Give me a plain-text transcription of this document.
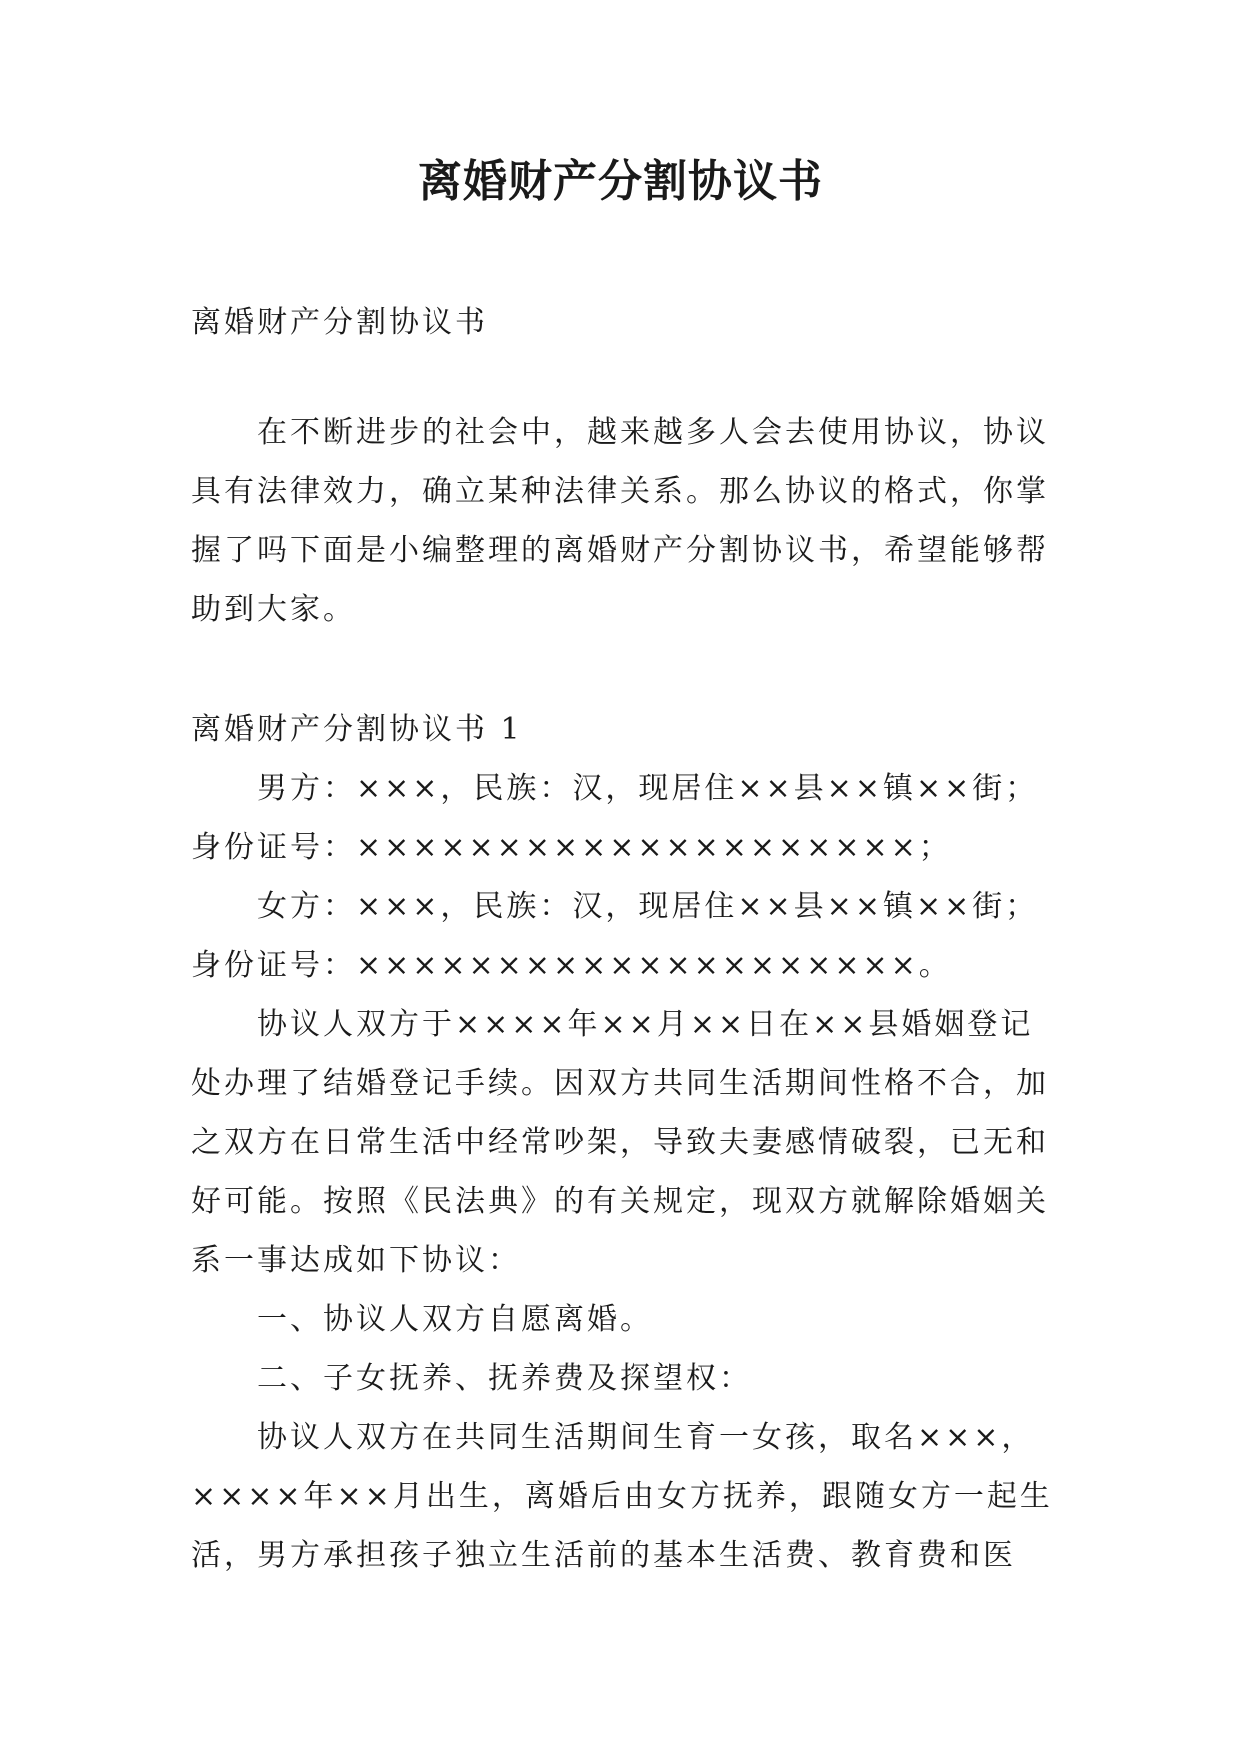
离婚财产分割协议书

离婚财产分割协议书

在不断进步的社会中，越来越多人会去使用协议，协议具有法律效力，确立某种法律关系。那么协议的格式，你掌握了吗下面是小编整理的离婚财产分割协议书，希望能够帮助到大家。

离婚财产分割协议书 1

男方：×××，民族：汉，现居住××县××镇××街；身份证号：××××××××××××××××××××；

女方：×××，民族：汉，现居住××县××镇××街；身份证号：××××××××××××××××××××。

协议人双方于××××年××月××日在××县婚姻登记处办理了结婚登记手续。因双方共同生活期间性格不合，加之双方在日常生活中经常吵架，导致夫妻感情破裂，已无和好可能。按照《民法典》的有关规定，现双方就解除婚姻关系一事达成如下协议：

一、协议人双方自愿离婚。

二、子女抚养、抚养费及探望权：

协议人双方在共同生活期间生育一女孩，取名×××，××××年××月出生，离婚后由女方抚养，跟随女方一起生活，男方承担孩子独立生活前的基本生活费、教育费和医
